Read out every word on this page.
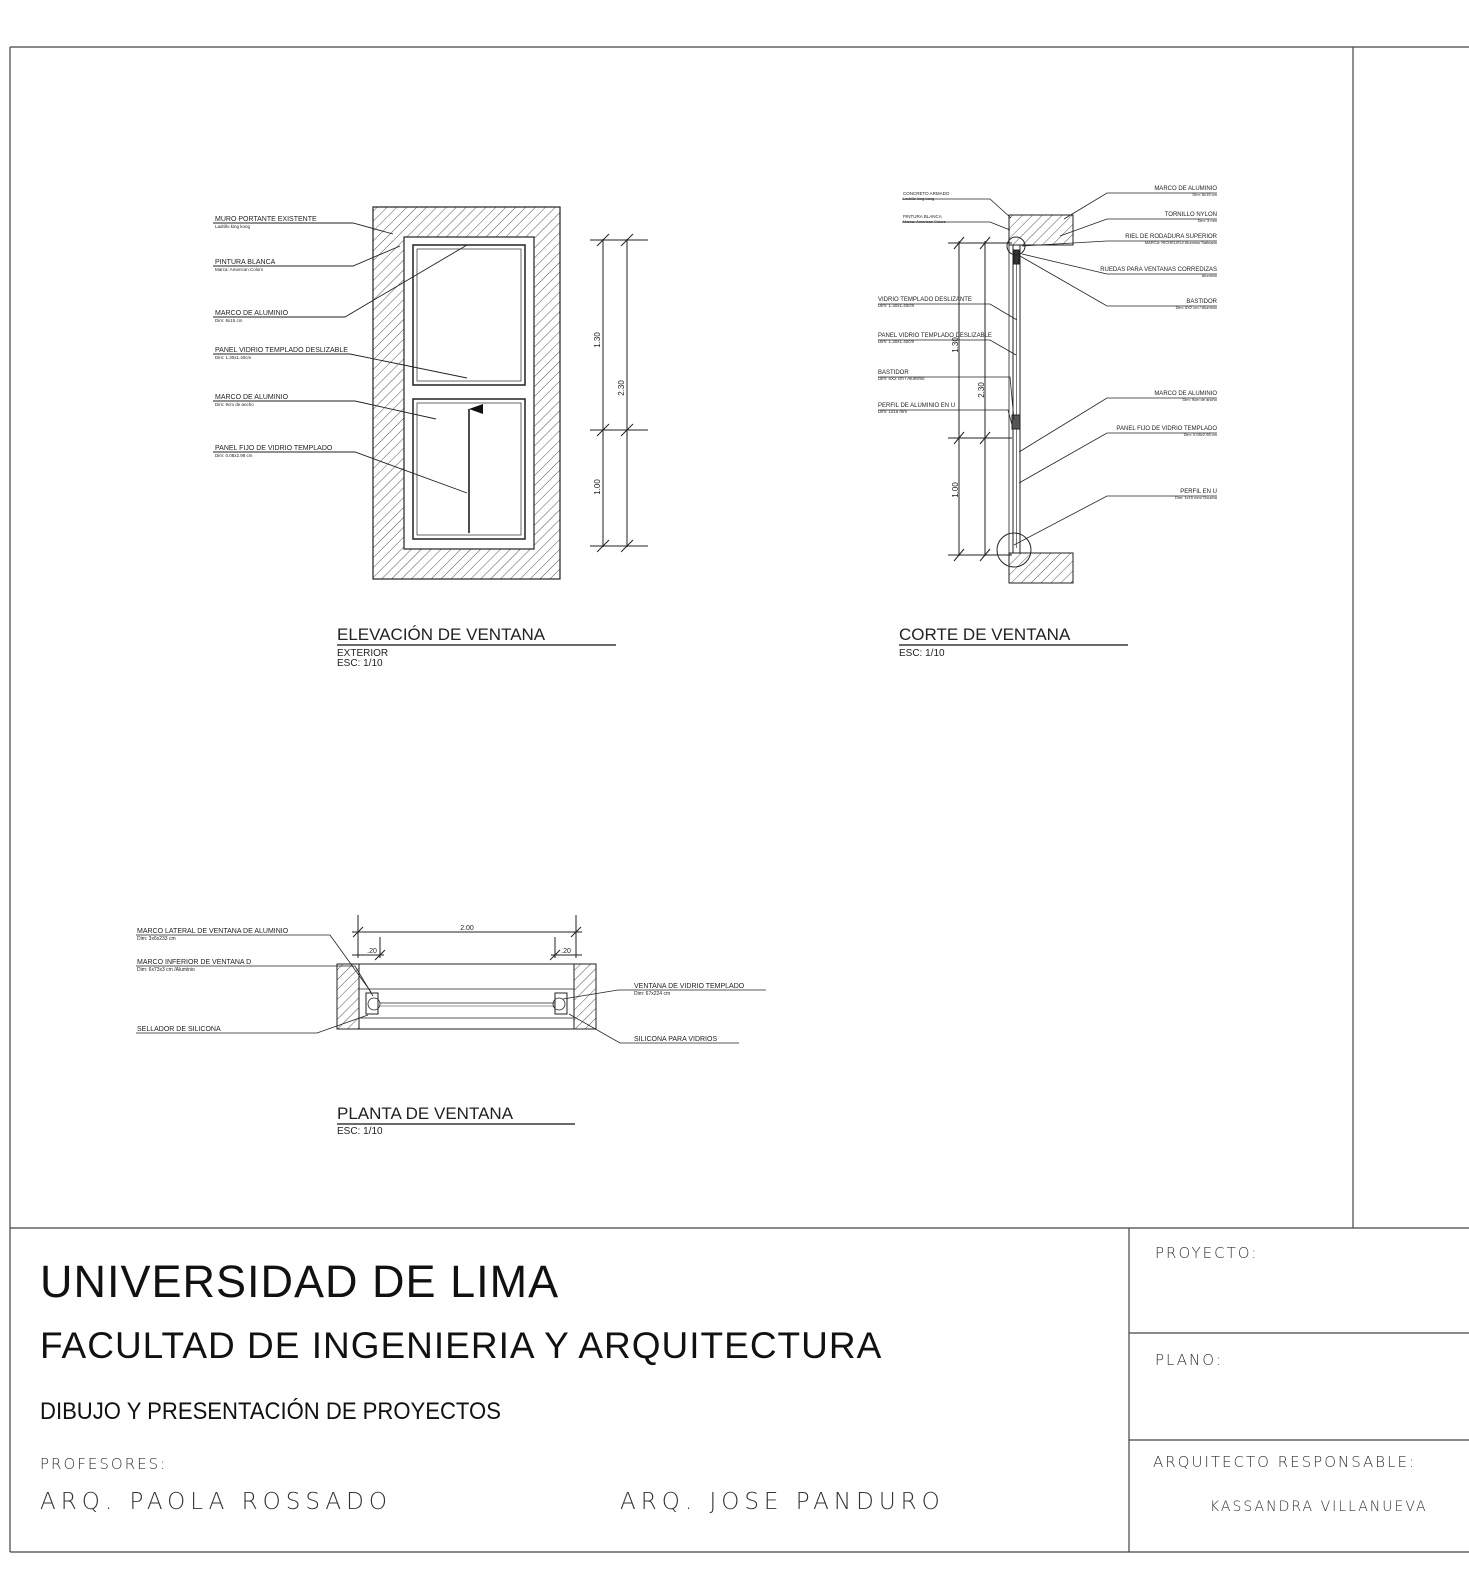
1.30
2.30
1.00
MURO PORTANTE EXISTENTE
Ladrillo king kong
PINTURA BLANCA
Marca: American Colors
MARCO DE ALUMINIO
Dim: 8x15 cm
PANEL VIDRIO TEMPLADO DESLIZABLE
Dim: 1.30x1.40cm
MARCO DE ALUMINIO
Dim: 9cm de ancho
PANEL FIJO DE VIDRIO TEMPLADO
Dim: 0.08x2.98 cm
ELEVACIÓN DE VENTANA
EXTERIOR
ESC: 1/10
1.30
2.30
1.00
CONCRETO ARMADO
Ladrillo king kong
PINTURA BLANCA
Marca: American Colors
VIDRIO TEMPLADO DESLIZANTE
Dim: 1.30x1.40cm
PANEL VIDRIO TEMPLADO DESLIZABLE
Dim: 1.30x1.40cm
BASTIDOR
Dim: 6X2 cm / Aluminio
PERFIL DE ALUMINIO EN U
Dim: 1x15 mm
MARCO DE ALUMINIO
Dim: 8x15 cm
TORNILLO NYLON
Dim: 3 mm
RIEL DE RODADURA SUPERIOR
MARCA: RICHELIEU/ Aluminio Satinado
RUEDAS PARA VENTANAS CORREDIZAS
Aluminio
BASTIDOR
Dim: 6X2 cm / Aluminio
MARCO DE ALUMINIO
Dim: 9cm de ancho
PANEL FIJO DE VIDRIO TEMPLADO
Dim: 0.08x2.98 cm
PERFIL EN U
Dim: 1x15 mm/ Goucha
CORTE DE VENTANA
ESC: 1/10
2.00
.20	.20
MARCO LATERAL DE VENTANA DE ALUMINIO
Dim: 3x6x233 cm
MARCO INFERIOR DE VENTANA D
Dim: 6x73x3 cm /Aluminio
SELLADOR DE SILICONA
VENTANA DE VIDRIO TEMPLADO
Dim: 67x224 cm
SILICONA PARA VIDRIOS
PLANTA DE VENTANA
ESC: 1/10
UNIVERSIDAD DE LIMA
FACULTAD DE INGENIERIA Y ARQUITECTURA
DIBUJO Y PRESENTACIÓN DE PROYECTOS
PROFESORES:
ARQ. PAOLA ROSSADO	ARQ. JOSE PANDURO
PROYECTO:
PLANO:
ARQUITECTO RESPONSABLE:
KASSANDRA VILLANUEVA
